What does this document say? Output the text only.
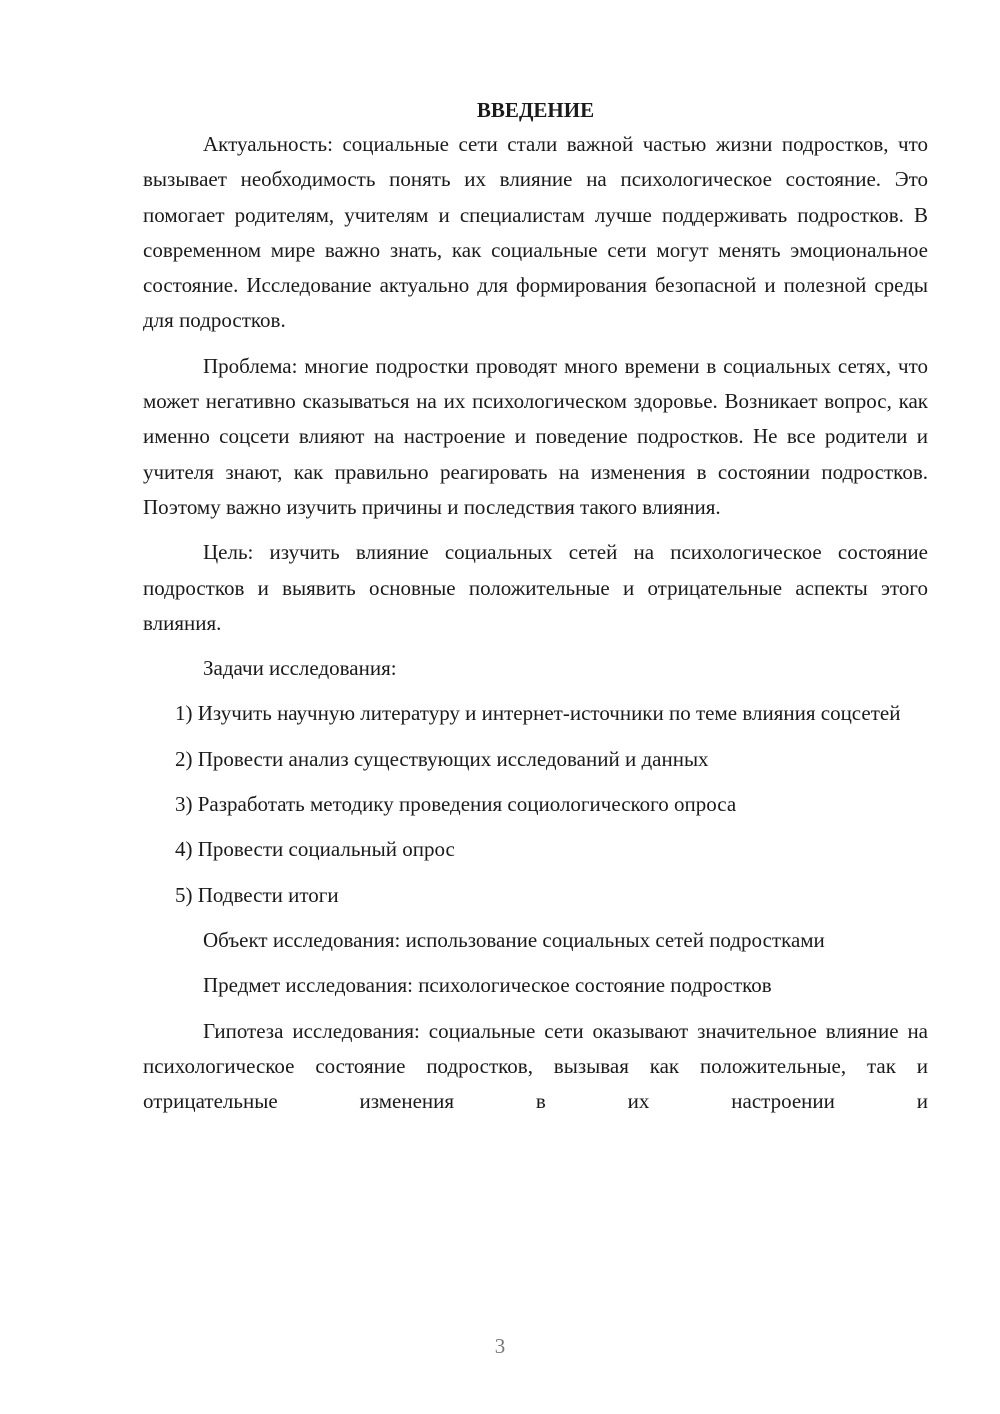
ВВЕДЕНИЕ

Актуальность: социальные сети стали важной частью жизни подростков, что вызывает необходимость понять их влияние на психологическое состояние. Это помогает родителям, учителям и специалистам лучше поддерживать подростков. В современном мире важно знать, как социальные сети могут менять эмоциональное состояние. Исследование актуально для формирования безопасной и полезной среды для подростков.

Проблема: многие подростки проводят много времени в социальных сетях, что может негативно сказываться на их психологическом здоровье. Возникает вопрос, как именно соцсети влияют на настроение и поведение подростков. Не все родители и учителя знают, как правильно реагировать на изменения в состоянии подростков. Поэтому важно изучить причины и последствия такого влияния.

Цель: изучить влияние социальных сетей на психологическое состояние подростков и выявить основные положительные и отрицательные аспекты этого влияния.

Задачи исследования:

1) Изучить научную литературу и интернет-источники по теме влияния соцсетей

2) Провести анализ существующих исследований и данных

3) Разработать методику проведения социологического опроса

4) Провести социальный опрос

5) Подвести итоги

Объект исследования: использование социальных сетей подростками

Предмет исследования: психологическое состояние подростков

Гипотеза исследования: социальные сети оказывают значительное влияние на психологическое состояние подростков, вызывая как положительные, так и отрицательные изменения в их настроении и

3
